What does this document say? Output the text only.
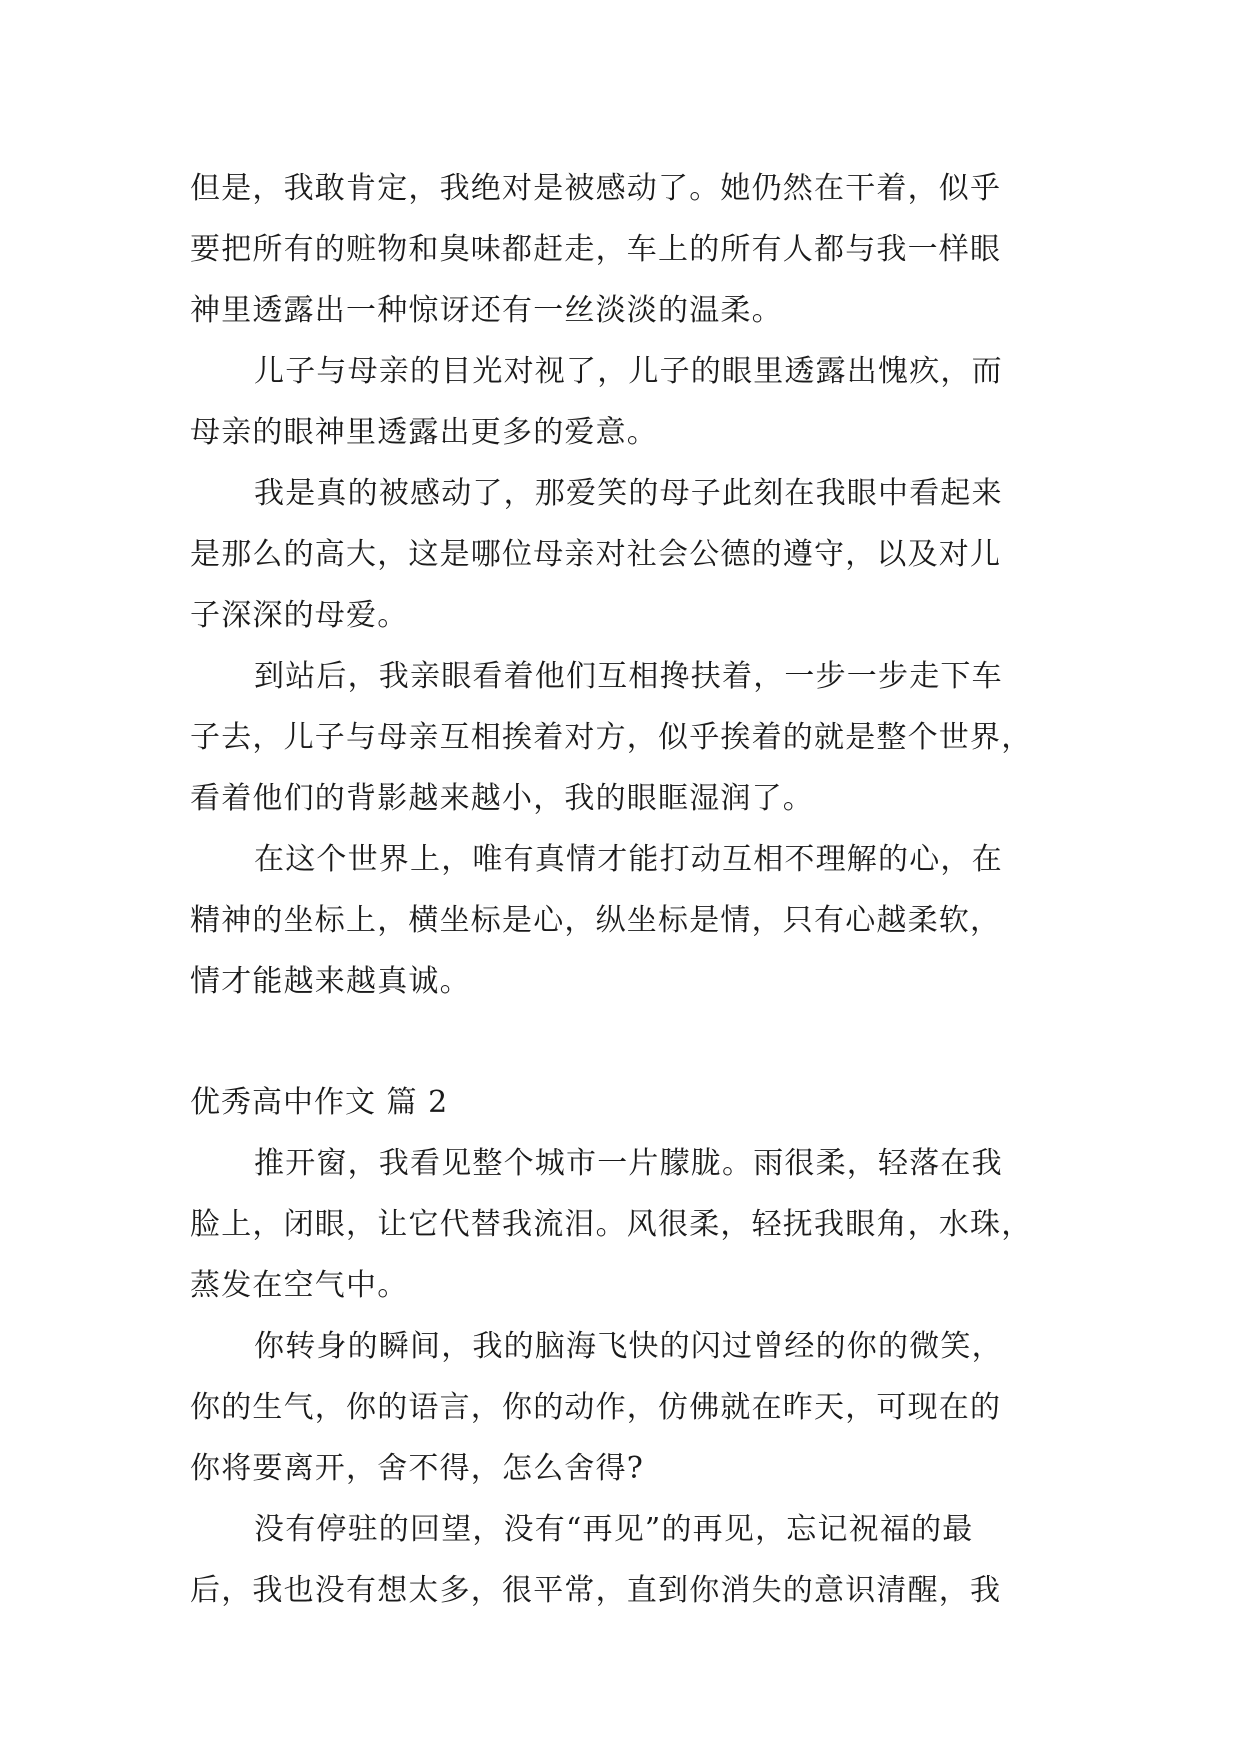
但是，我敢肯定，我绝对是被感动了。她仍然在干着，似乎
要把所有的赃物和臭味都赶走，车上的所有人都与我一样眼
神里透露出一种惊讶还有一丝淡淡的温柔。
儿子与母亲的目光对视了，儿子的眼里透露出愧疚，而
母亲的眼神里透露出更多的爱意。
我是真的被感动了，那爱笑的母子此刻在我眼中看起来
是那么的高大，这是哪位母亲对社会公德的遵守，以及对儿
子深深的母爱。
到站后，我亲眼看着他们互相搀扶着，一步一步走下车
子去，儿子与母亲互相挨着对方，似乎挨着的就是整个世界，
看着他们的背影越来越小，我的眼眶湿润了。
在这个世界上，唯有真情才能打动互相不理解的心，在
精神的坐标上，横坐标是心，纵坐标是情，只有心越柔软，
情才能越来越真诚。
优秀高中作文 篇 2
推开窗，我看见整个城市一片朦胧。雨很柔，轻落在我
脸上，闭眼，让它代替我流泪。风很柔，轻抚我眼角，水珠，
蒸发在空气中。
你转身的瞬间，我的脑海飞快的闪过曾经的你的微笑，
你的生气，你的语言，你的动作，仿佛就在昨天，可现在的
你将要离开，舍不得，怎么舍得?
没有停驻的回望，没有“再见”的再见，忘记祝福的最
后，我也没有想太多，很平常，直到你消失的意识清醒，我
